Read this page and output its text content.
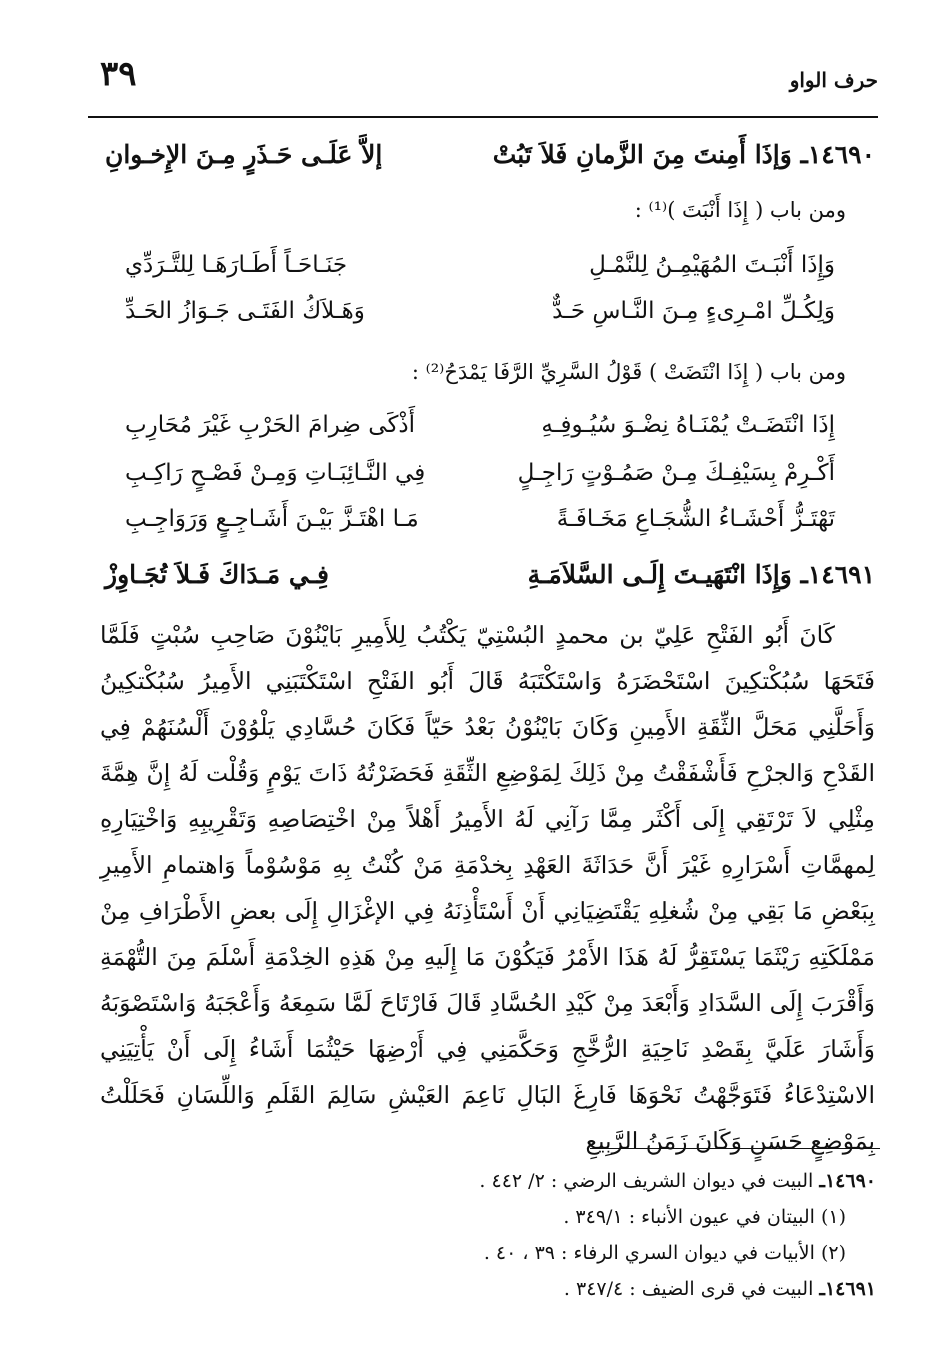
حرف الواو
٣٩
١٤٦٩٠ـ وَإذَا أَمِنتَ مِنَ الزَّمانِ فَلاَ تَبُتْ
إلاَّ عَلَـى حَـذَرٍ مِـنَ الإِخـوانِ
ومن باب ( إِذَا أَنْبَتَ )⁽¹⁾ :
وَإِذَا أَنْبَـتَ المُهَيْمِـنُ لِلنَّمْـلِ
جَنَـاحَـاً أَطَـارَهَـا لِلتَّـرَدِّي
وَلِكُـلِّ امْـرِىءٍ مِـنَ النَّـاسِ حَـدٌّ
وَهَـلاَكُ الفَتَـى جَـوَازُ الحَـدِّ
ومن باب ( إِذَا انْتَضَتْ ) قَوْلُ السَّرِيِّ الرَّفَا يَمْدَحُ⁽²⁾ :
إِذَا انْتَضَـتْ يُمْنَـاهُ نِضْـوَ سُيُـوفِـهِ
أَذْكَى ضِرامَ الحَرْبِ غَيْرَ مُحَارِبِ
أَكْـرِمْ بِسَيْفِـكَ مِـنْ صَمُـوْتٍ رَاجِـلٍ
فِي النَّـائِبَـاتِ وَمِـنْ فَصْـحٍ رَاكِـبِ
تَهْتَـزُّ أَحْشَـاءُ الشُّجَـاعِ مَخَـافَـةً
مَـا اهْتَـزَّ بَيْـنَ أَشَـاجِـعٍ وَرَوَاجِـبِ
١٤٦٩١ـ وَإِذَا انْتَهَيـتَ إِلَـى السَّلاَمَـةِ
فِـي مَـدَاكَ فَـلاَ تُجَـاوِزْ

كَانَ أَبُو الفَتْحِ عَلِيّ بن محمدٍ البُسْتِيّ يَكْتُبُ لِلأَمِيرِ بَايْنُوْنَ صَاحِبِ سُبْتٍ فَلَمَّا فَتَحَهَا سُبُكْتكِينَ اسْتَحْضَرَهُ وَاسْتَكْتَبَهُ قَالَ أَبُو الفَتْحِ اسْتَكْتَبَنِي الأَمِيرُ سُبُكْتكِينُ وَأَحَلَّنِي مَحَلَّ الثِّقَةِ الأَمِينِ وَكَانَ بَايْنُوْنُ بَعْدُ حَيّاً فَكَانَ حُسَّادِي يَلْوُوْنَ أَلْسُنَهُمْ فِي القَدْحِ وَالجرْحِ فَأَشْفَقْتُ مِنْ ذَلِكَ لِمَوْضِعِ الثِّقَةِ فَحَضَرْتُهُ ذَاتَ يَوْمٍ وَقُلْت لَهُ إِنَّ هِمَّةَ مِثْلِي لاَ تَرْتَقِي إِلَى أَكْثَر مِمَّا رَآنِي لَهُ الأَمِيرُ أَهْلاً مِنْ اخْتِصَاصِهِ وَتَقْرِيبِهِ وَاخْتِيَارِهِ لِمهمَّاتِ أَسْرَارِهِ غَيْرَ أَنَّ حَدَاثَةَ العَهْدِ بِخدْمَةِ مَنْ كُنْتُ بِهِ مَوْسُوْماً وَاهتمامِ الأَمِيرِ بِبَعْضِ مَا بَقِي مِنْ شُغلِهِ يَقْتَضِيَانِي أَنْ أَسْتَأْذِنَهُ فِي الإغْزَالِ إِلَى بعضِ الأَطْرَافِ مِنْ مَمْلَكَتِهِ رَيْثَمَا يَسْتَقِرُّ لَهُ هَذَا الأَمْرُ فَيَكُوْنَ مَا إِلَيهِ مِنْ هَذِهِ الخِدْمَةِ أَسْلَمَ مِنَ التُّهْمَةِ وَأَقْرَبَ إِلَى السَّدَادِ وَأَبْعَدَ مِنْ كَيْدِ الحُسَّادِ قَالَ فَارْتَاحَ لَمَّا سَمِعَهُ وَأَعْجَبَهُ وَاسْتَصْوَبَهُ وَأَشَارَ عَلَيَّ بِقَصْدِ نَاحِيَةِ الرُّخَّجِ وَحَكَّمَنِي فِي أَرْضِهَا حَيْثُمَا أَشَاءُ إِلَى أَنْ يَأْتِيَنِي الاسْتِدْعَاءُ فَتَوَجَّهْتُ نَحْوَهَا فَارِغَ البَالِ نَاعِمَ العَيْشِ سَالِمَ القَلَمِ وَاللِّسَانِ فَحَلَلْتُ بِمَوْضِعٍ حَسَنٍ وَكَانَ زَمَنُ الرَّبِيعِ

١٤٦٩٠ـ البيت في ديوان الشريف الرضي : ٢/ ٤٤٢ .
(١) البيتان في عيون الأنباء : ٣٤٩/١ .
(٢) الأبيات في ديوان السري الرفاء : ٣٩ ، ٤٠ .
١٤٦٩١ـ البيت في قرى الضيف : ٣٤٧/٤ .
